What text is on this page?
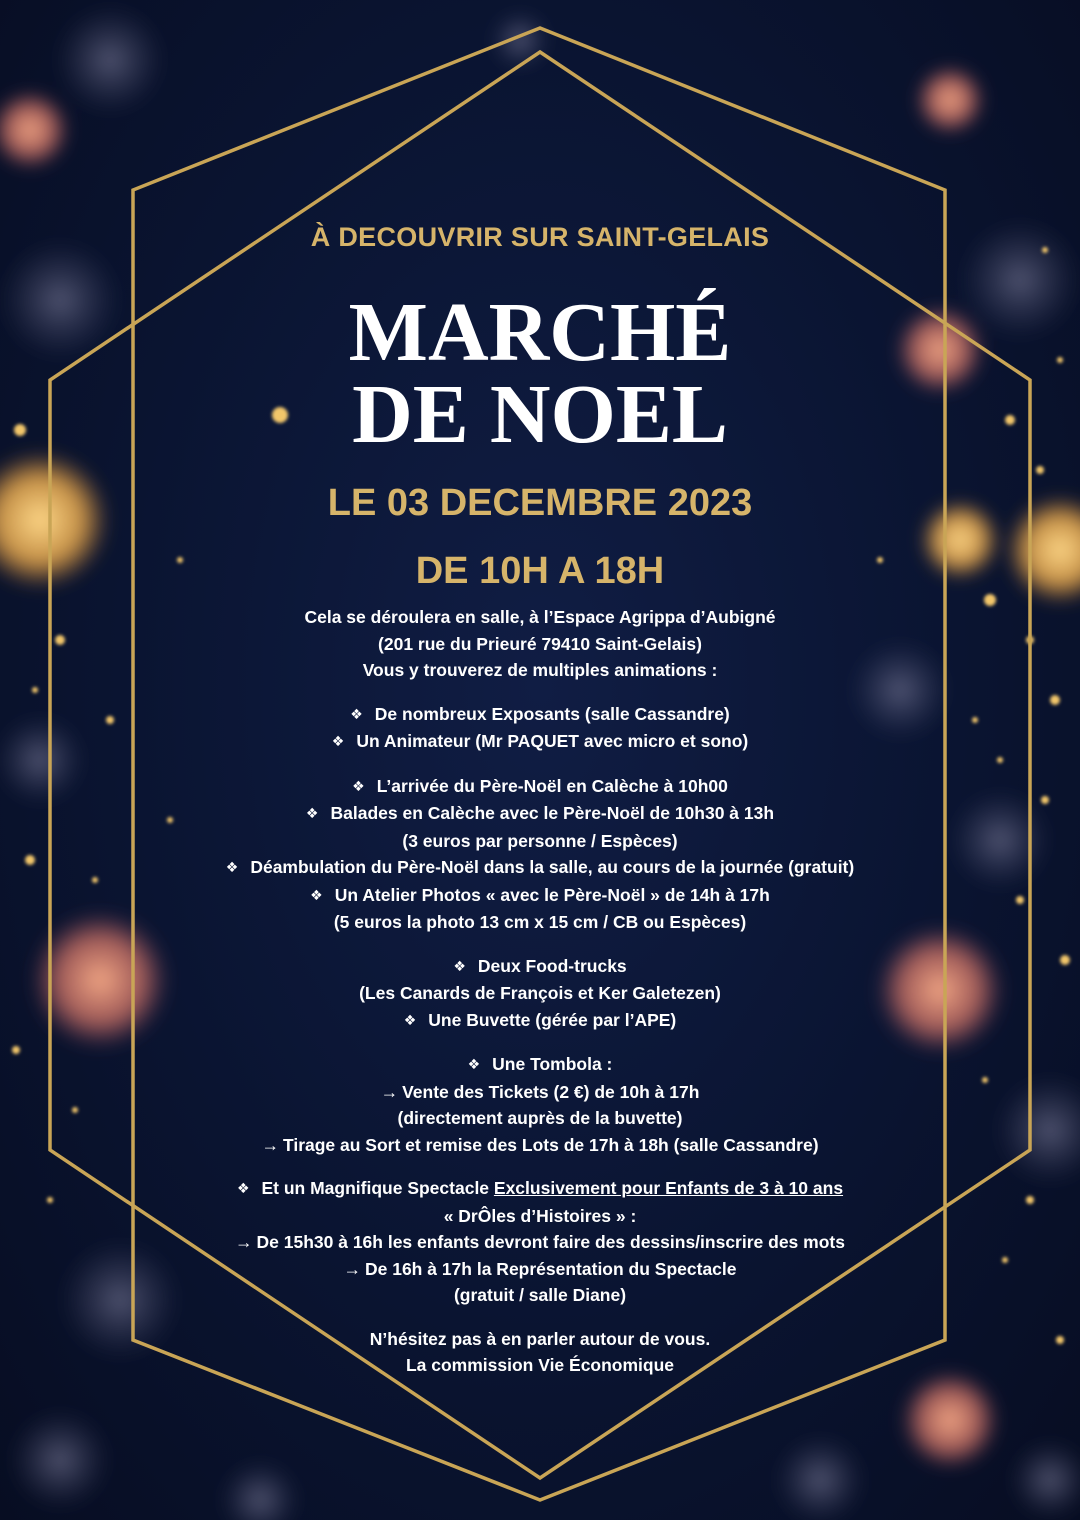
À DECOUVRIR SUR SAINT-GELAIS
MARCHÉ
DE NOEL
LE 03 DECEMBRE 2023
DE 10H A 18H

Cela se déroulera en salle, à l’Espace Agrippa d’Aubigné

(201 rue du Prieuré 79410 Saint-Gelais)

Vous y trouverez de multiples animations :

❖ De nombreux Exposants (salle Cassandre)

❖ Un Animateur (Mr PAQUET avec micro et sono)

❖ L’arrivée du Père-Noël en Calèche à 10h00

❖ Balades en Calèche avec le Père-Noël de 10h30 à 13h

(3 euros par personne / Espèces)

❖ Déambulation du Père-Noël dans la salle, au cours de la journée (gratuit)

❖ Un Atelier Photos « avec le Père-Noël » de 14h à 17h

(5 euros la photo 13 cm x 15 cm / CB ou Espèces)

❖ Deux Food-trucks

(Les Canards de François et Ker Galetezen)

❖ Une Buvette (gérée par l’APE)

❖ Une Tombola :

→ Vente des Tickets (2 €) de 10h à 17h

(directement auprès de la buvette)

→ Tirage au Sort et remise des Lots de 17h à 18h (salle Cassandre)

❖ Et un Magnifique Spectacle Exclusivement pour Enfants de 3 à 10 ans

« DrÔles d’Histoires » :

→ De 15h30 à 16h les enfants devront faire des dessins/inscrire des mots

→ De 16h à 17h la Représentation du Spectacle

(gratuit / salle Diane)

N’hésitez pas à en parler autour de vous.

La commission Vie Économique
